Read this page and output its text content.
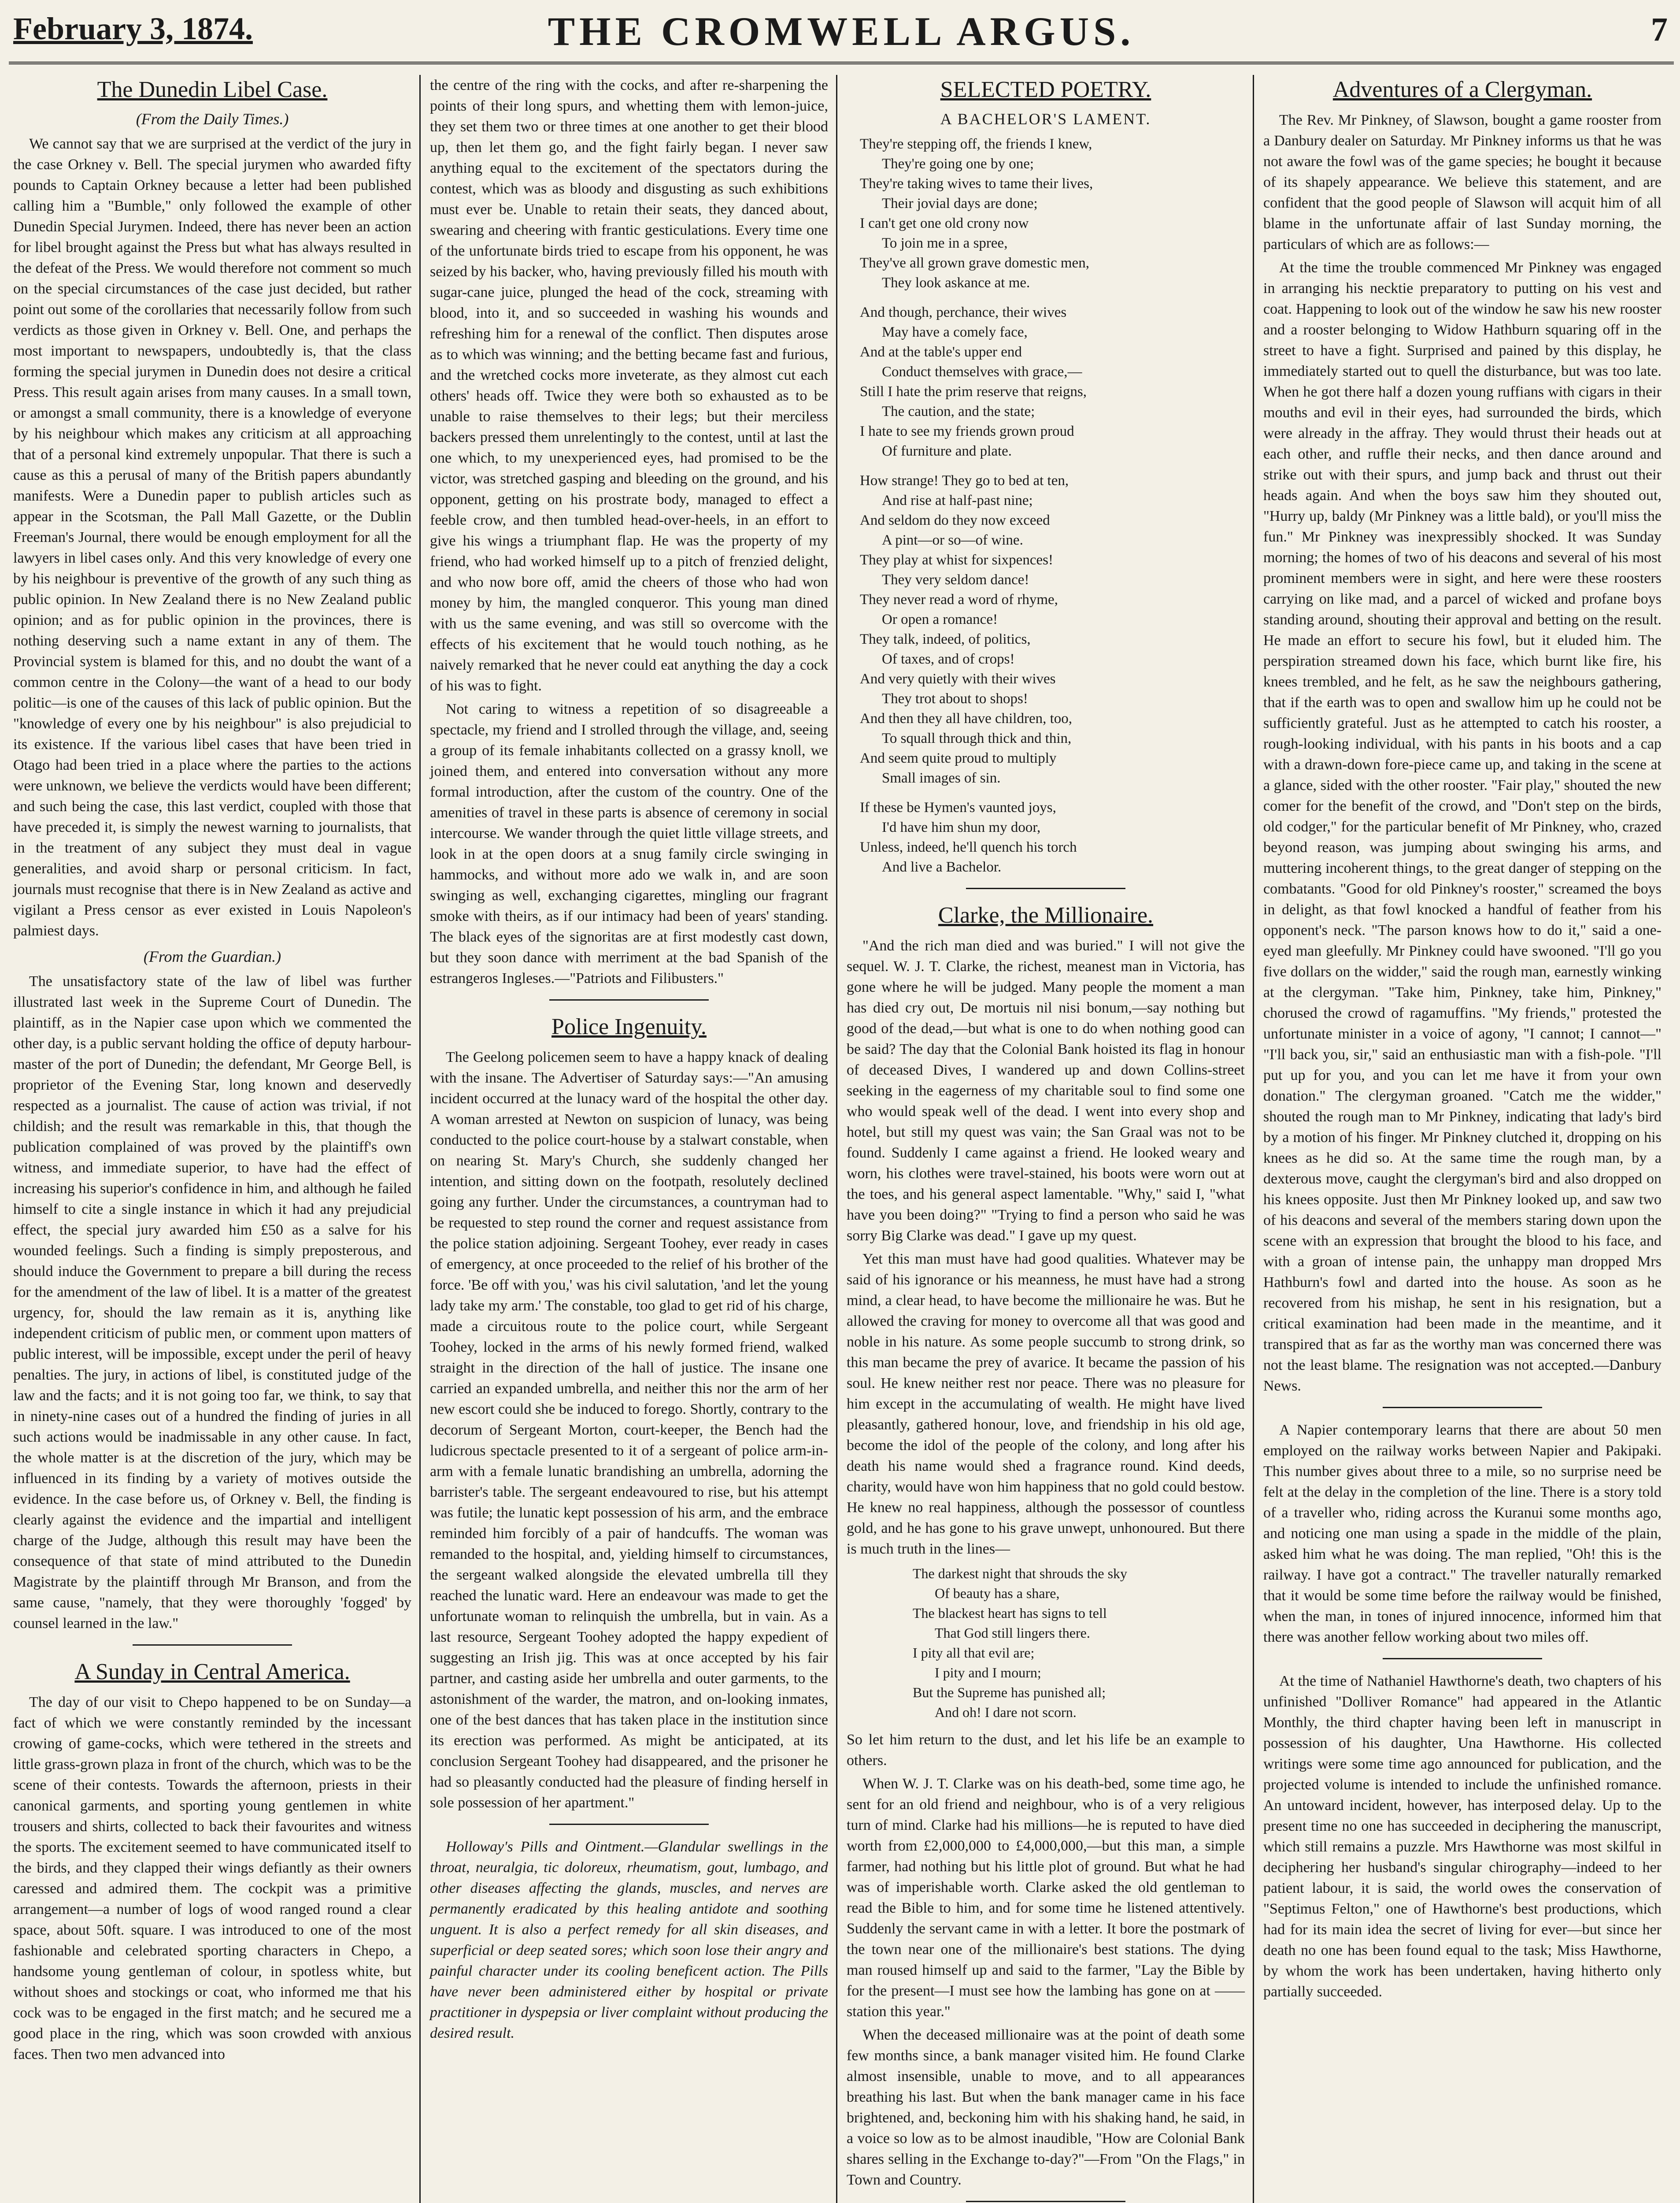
February 3, 1874.	THE CROMWELL ARGUS.	7
The Dunedin Libel Case.
(From the Daily Times.)

We cannot say that we are surprised at the verdict of the jury in the case Orkney v. Bell. The special jurymen who awarded fifty pounds to Captain Orkney because a letter had been published calling him a "Bumble," only followed the example of other Dunedin Special Jurymen. Indeed, there has never been an action for libel brought against the Press but what has always resulted in the defeat of the Press. We would therefore not comment so much on the special circumstances of the case just decided, but rather point out some of the corollaries that necessarily follow from such verdicts as those given in Orkney v. Bell. One, and perhaps the most important to newspapers, undoubtedly is, that the class forming the special jurymen in Dunedin does not desire a critical Press. This result again arises from many causes. In a small town, or amongst a small community, there is a knowledge of everyone by his neighbour which makes any criticism at all approaching that of a personal kind extremely unpopular. That there is such a cause as this a perusal of many of the British papers abundantly manifests. Were a Dunedin paper to publish articles such as appear in the Scotsman, the Pall Mall Gazette, or the Dublin Freeman's Journal, there would be enough employment for all the lawyers in libel cases only. And this very knowledge of every one by his neighbour is preventive of the growth of any such thing as public opinion. In New Zealand there is no New Zealand public opinion; and as for public opinion in the provinces, there is nothing deserving such a name extant in any of them. The Provincial system is blamed for this, and no doubt the want of a common centre in the Colony—the want of a head to our body politic—is one of the causes of this lack of public opinion. But the "knowledge of every one by his neighbour" is also prejudicial to its existence. If the various libel cases that have been tried in Otago had been tried in a place where the parties to the actions were unknown, we believe the verdicts would have been different; and such being the case, this last verdict, coupled with those that have preceded it, is simply the newest warning to journalists, that in the treatment of any subject they must deal in vague generalities, and avoid sharp or personal criticism. In fact, journals must recognise that there is in New Zealand as active and vigilant a Press censor as ever existed in Louis Napoleon's palmiest days.

(From the Guardian.)

The unsatisfactory state of the law of libel was further illustrated last week in the Supreme Court of Dunedin. The plaintiff, as in the Napier case upon which we commented the other day, is a public servant holding the office of deputy harbour-master of the port of Dunedin; the defendant, Mr George Bell, is proprietor of the Evening Star, long known and deservedly respected as a journalist. The cause of action was trivial, if not childish; and the result was remarkable in this, that though the publication complained of was proved by the plaintiff's own witness, and immediate superior, to have had the effect of increasing his superior's confidence in him, and although he failed himself to cite a single instance in which it had any prejudicial effect, the special jury awarded him £50 as a salve for his wounded feelings. Such a finding is simply preposterous, and should induce the Government to prepare a bill during the recess for the amendment of the law of libel. It is a matter of the greatest urgency, for, should the law remain as it is, anything like independent criticism of public men, or comment upon matters of public interest, will be impossible, except under the peril of heavy penalties. The jury, in actions of libel, is constituted judge of the law and the facts; and it is not going too far, we think, to say that in ninety-nine cases out of a hundred the finding of juries in all such actions would be inadmissable in any other cause. In fact, the whole matter is at the discretion of the jury, which may be influenced in its finding by a variety of motives outside the evidence. In the case before us, of Orkney v. Bell, the finding is clearly against the evidence and the impartial and intelligent charge of the Judge, although this result may have been the consequence of that state of mind attributed to the Dunedin Magistrate by the plaintiff through Mr Branson, and from the same cause, "namely, that they were thoroughly 'fogged' by counsel learned in the law."

A Sunday in Central America.

The day of our visit to Chepo happened to be on Sunday—a fact of which we were constantly reminded by the incessant crowing of game-cocks, which were tethered in the streets and little grass-grown plaza in front of the church, which was to be the scene of their contests. Towards the afternoon, priests in their canonical garments, and sporting young gentlemen in white trousers and shirts, collected to back their favourites and witness the sports. The excitement seemed to have communicated itself to the birds, and they clapped their wings defiantly as their owners caressed and admired them. The cockpit was a primitive arrangement—a number of logs of wood ranged round a clear space, about 50ft. square. I was introduced to one of the most fashionable and celebrated sporting characters in Chepo, a handsome young gentleman of colour, in spotless white, but without shoes and stockings or coat, who informed me that his cock was to be engaged in the first match; and he secured me a good place in the ring, which was soon crowded with anxious faces. Then two men advanced into

the centre of the ring with the cocks, and after re-sharpening the points of their long spurs, and whetting them with lemon-juice, they set them two or three times at one another to get their blood up, then let them go, and the fight fairly began. I never saw anything equal to the excitement of the spectators during the contest, which was as bloody and disgusting as such exhibitions must ever be. Unable to retain their seats, they danced about, swearing and cheering with frantic gesticulations. Every time one of the unfortunate birds tried to escape from his opponent, he was seized by his backer, who, having previously filled his mouth with sugar-cane juice, plunged the head of the cock, streaming with blood, into it, and so succeeded in washing his wounds and refreshing him for a renewal of the conflict. Then disputes arose as to which was winning; and the betting became fast and furious, and the wretched cocks more inveterate, as they almost cut each others' heads off. Twice they were both so exhausted as to be unable to raise themselves to their legs; but their merciless backers pressed them unrelentingly to the contest, until at last the one which, to my unexperienced eyes, had promised to be the victor, was stretched gasping and bleeding on the ground, and his opponent, getting on his prostrate body, managed to effect a feeble crow, and then tumbled head-over-heels, in an effort to give his wings a triumphant flap. He was the property of my friend, who had worked himself up to a pitch of frenzied delight, and who now bore off, amid the cheers of those who had won money by him, the mangled conqueror. This young man dined with us the same evening, and was still so overcome with the effects of his excitement that he would touch nothing, as he naively remarked that he never could eat anything the day a cock of his was to fight.

Not caring to witness a repetition of so disagreeable a spectacle, my friend and I strolled through the village, and, seeing a group of its female inhabitants collected on a grassy knoll, we joined them, and entered into conversation without any more formal introduction, after the custom of the country. One of the amenities of travel in these parts is absence of ceremony in social intercourse. We wander through the quiet little village streets, and look in at the open doors at a snug family circle swinging in hammocks, and without more ado we walk in, and are soon swinging as well, exchanging cigarettes, mingling our fragrant smoke with theirs, as if our intimacy had been of years' standing. The black eyes of the signoritas are at first modestly cast down, but they soon dance with merriment at the bad Spanish of the estrangeros Ingleses.—"Patriots and Filibusters."

Police Ingenuity.

The Geelong policemen seem to have a happy knack of dealing with the insane. The Advertiser of Saturday says:—"An amusing incident occurred at the lunacy ward of the hospital the other day. A woman arrested at Newton on suspicion of lunacy, was being conducted to the police court-house by a stalwart constable, when on nearing St. Mary's Church, she suddenly changed her intention, and sitting down on the footpath, resolutely declined going any further. Under the circumstances, a countryman had to be requested to step round the corner and request assistance from the police station adjoining. Sergeant Toohey, ever ready in cases of emergency, at once proceeded to the relief of his brother of the force. 'Be off with you,' was his civil salutation, 'and let the young lady take my arm.' The constable, too glad to get rid of his charge, made a circuitous route to the police court, while Sergeant Toohey, locked in the arms of his newly formed friend, walked straight in the direction of the hall of justice. The insane one carried an expanded umbrella, and neither this nor the arm of her new escort could she be induced to forego. Shortly, contrary to the decorum of Sergeant Morton, court-keeper, the Bench had the ludicrous spectacle presented to it of a sergeant of police arm-in-arm with a female lunatic brandishing an umbrella, adorning the barrister's table. The sergeant endeavoured to rise, but his attempt was futile; the lunatic kept possession of his arm, and the embrace reminded him forcibly of a pair of handcuffs. The woman was remanded to the hospital, and, yielding himself to circumstances, the sergeant walked alongside the elevated umbrella till they reached the lunatic ward. Here an endeavour was made to get the unfortunate woman to relinquish the umbrella, but in vain. As a last resource, Sergeant Toohey adopted the happy expedient of suggesting an Irish jig. This was at once accepted by his fair partner, and casting aside her umbrella and outer garments, to the astonishment of the warder, the matron, and on-looking inmates, one of the best dances that has taken place in the institution since its erection was performed. As might be anticipated, at its conclusion Sergeant Toohey had disappeared, and the prisoner he had so pleasantly conducted had the pleasure of finding herself in sole possession of her apartment."

Holloway's Pills and Ointment.—Glandular swellings in the throat, neuralgia, tic doloreux, rheumatism, gout, lumbago, and other diseases affecting the glands, muscles, and nerves are permanently eradicated by this healing antidote and soothing unguent. It is also a perfect remedy for all skin diseases, and superficial or deep seated sores; which soon lose their angry and painful character under its cooling beneficent action. The Pills have never been administered either by hospital or private practitioner in dyspepsia or liver complaint without producing the desired result.

SELECTED POETRY.
A BACHELOR'S LAMENT.
They're stepping off, the friends I knew,
They're going one by one;
They're taking wives to tame their lives,
Their jovial days are done;
I can't get one old crony now
To join me in a spree,
They've all grown grave domestic men,
They look askance at me.
And though, perchance, their wives
May have a comely face,
And at the table's upper end
Conduct themselves with grace,—
Still I hate the prim reserve that reigns,
The caution, and the state;
I hate to see my friends grown proud
Of furniture and plate.
How strange! They go to bed at ten,
And rise at half-past nine;
And seldom do they now exceed
A pint—or so—of wine.
They play at whist for sixpences!
They very seldom dance!
They never read a word of rhyme,
Or open a romance!
They talk, indeed, of politics,
Of taxes, and of crops!
And very quietly with their wives
They trot about to shops!
And then they all have children, too,
To squall through thick and thin,
And seem quite proud to multiply
Small images of sin.
If these be Hymen's vaunted joys,
I'd have him shun my door,
Unless, indeed, he'll quench his torch
And live a Bachelor.
Clarke, the Millionaire.

"And the rich man died and was buried." I will not give the sequel. W. J. T. Clarke, the richest, meanest man in Victoria, has gone where he will be judged. Many people the moment a man has died cry out, De mortuis nil nisi bonum,—say nothing but good of the dead,—but what is one to do when nothing good can be said? The day that the Colonial Bank hoisted its flag in honour of deceased Dives, I wandered up and down Collins-street seeking in the eagerness of my charitable soul to find some one who would speak well of the dead. I went into every shop and hotel, but still my quest was vain; the San Graal was not to be found. Suddenly I came against a friend. He looked weary and worn, his clothes were travel-stained, his boots were worn out at the toes, and his general aspect lamentable. "Why," said I, "what have you been doing?" "Trying to find a person who said he was sorry Big Clarke was dead." I gave up my quest.

Yet this man must have had good qualities. Whatever may be said of his ignorance or his meanness, he must have had a strong mind, a clear head, to have become the millionaire he was. But he allowed the craving for money to overcome all that was good and noble in his nature. As some people succumb to strong drink, so this man became the prey of avarice. It became the passion of his soul. He knew neither rest nor peace. There was no pleasure for him except in the accumulating of wealth. He might have lived pleasantly, gathered honour, love, and friendship in his old age, become the idol of the people of the colony, and long after his death his name would shed a fragrance round. Kind deeds, charity, would have won him happiness that no gold could bestow. He knew no real happiness, although the possessor of countless gold, and he has gone to his grave unwept, unhonoured. But there is much truth in the lines—

The darkest night that shrouds the sky
Of beauty has a share,
The blackest heart has signs to tell
That God still lingers there.
I pity all that evil are;
I pity and I mourn;
But the Supreme has punished all;
And oh! I dare not scorn.

So let him return to the dust, and let his life be an example to others.

When W. J. T. Clarke was on his death-bed, some time ago, he sent for an old friend and neighbour, who is of a very religious turn of mind. Clarke had his millions—he is reputed to have died worth from £2,000,000 to £4,000,000,—but this man, a simple farmer, had nothing but his little plot of ground. But what he had was of imperishable worth. Clarke asked the old gentleman to read the Bible to him, and for some time he listened attentively. Suddenly the servant came in with a letter. It bore the postmark of the town near one of the millionaire's best stations. The dying man roused himself up and said to the farmer, "Lay the Bible by for the present—I must see how the lambing has gone on at —— station this year."

When the deceased millionaire was at the point of death some few months since, a bank manager visited him. He found Clarke almost insensible, unable to move, and to all appearances breathing his last. But when the bank manager came in his face brightened, and, beckoning him with his shaking hand, he said, in a voice so low as to be almost inaudible, "How are Colonial Bank shares selling in the Exchange to-day?"—From "On the Flags," in Town and Country.

Adventures of a Clergyman.

The Rev. Mr Pinkney, of Slawson, bought a game rooster from a Danbury dealer on Saturday. Mr Pinkney informs us that he was not aware the fowl was of the game species; he bought it because of its shapely appearance. We believe this statement, and are confident that the good people of Slawson will acquit him of all blame in the unfortunate affair of last Sunday morning, the particulars of which are as follows:—

At the time the trouble commenced Mr Pinkney was engaged in arranging his necktie preparatory to putting on his vest and coat. Happening to look out of the window he saw his new rooster and a rooster belonging to Widow Hathburn squaring off in the street to have a fight. Surprised and pained by this display, he immediately started out to quell the disturbance, but was too late. When he got there half a dozen young ruffians with cigars in their mouths and evil in their eyes, had surrounded the birds, which were already in the affray. They would thrust their heads out at each other, and ruffle their necks, and then dance around and strike out with their spurs, and jump back and thrust out their heads again. And when the boys saw him they shouted out, "Hurry up, baldy (Mr Pinkney was a little bald), or you'll miss the fun." Mr Pinkney was inexpressibly shocked. It was Sunday morning; the homes of two of his deacons and several of his most prominent members were in sight, and here were these roosters carrying on like mad, and a parcel of wicked and profane boys standing around, shouting their approval and betting on the result. He made an effort to secure his fowl, but it eluded him. The perspiration streamed down his face, which burnt like fire, his knees trembled, and he felt, as he saw the neighbours gathering, that if the earth was to open and swallow him up he could not be sufficiently grateful. Just as he attempted to catch his rooster, a rough-looking individual, with his pants in his boots and a cap with a drawn-down fore-piece came up, and taking in the scene at a glance, sided with the other rooster. "Fair play," shouted the new comer for the benefit of the crowd, and "Don't step on the birds, old codger," for the particular benefit of Mr Pinkney, who, crazed beyond reason, was jumping about swinging his arms, and muttering incoherent things, to the great danger of stepping on the combatants. "Good for old Pinkney's rooster," screamed the boys in delight, as that fowl knocked a handful of feather from his opponent's neck. "The parson knows how to do it," said a one-eyed man gleefully. Mr Pinkney could have swooned. "I'll go you five dollars on the widder," said the rough man, earnestly winking at the clergyman. "Take him, Pinkney, take him, Pinkney," chorused the crowd of ragamuffins. "My friends," protested the unfortunate minister in a voice of agony, "I cannot; I cannot—" "I'll back you, sir," said an enthusiastic man with a fish-pole. "I'll put up for you, and you can let me have it from your own donation." The clergyman groaned. "Catch me the widder," shouted the rough man to Mr Pinkney, indicating that lady's bird by a motion of his finger. Mr Pinkney clutched it, dropping on his knees as he did so. At the same time the rough man, by a dexterous move, caught the clergyman's bird and also dropped on his knees opposite. Just then Mr Pinkney looked up, and saw two of his deacons and several of the members staring down upon the scene with an expression that brought the blood to his face, and with a groan of intense pain, the unhappy man dropped Mrs Hathburn's fowl and darted into the house. As soon as he recovered from his mishap, he sent in his resignation, but a critical examination had been made in the meantime, and it transpired that as far as the worthy man was concerned there was not the least blame. The resignation was not accepted.—Danbury News.

A Napier contemporary learns that there are about 50 men employed on the railway works between Napier and Pakipaki. This number gives about three to a mile, so no surprise need be felt at the delay in the completion of the line. There is a story told of a traveller who, riding across the Kuranui some months ago, and noticing one man using a spade in the middle of the plain, asked him what he was doing. The man replied, "Oh! this is the railway. I have got a contract." The traveller naturally remarked that it would be some time before the railway would be finished, when the man, in tones of injured innocence, informed him that there was another fellow working about two miles off.

At the time of Nathaniel Hawthorne's death, two chapters of his unfinished "Dolliver Romance" had appeared in the Atlantic Monthly, the third chapter having been left in manuscript in possession of his daughter, Una Hawthorne. His collected writings were some time ago announced for publication, and the projected volume is intended to include the unfinished romance. An untoward incident, however, has interposed delay. Up to the present time no one has succeeded in deciphering the manuscript, which still remains a puzzle. Mrs Hawthorne was most skilful in deciphering her husband's singular chirography—indeed to her patient labour, it is said, the world owes the conservation of "Septimus Felton," one of Hawthorne's best productions, which had for its main idea the secret of living for ever—but since her death no one has been found equal to the task; Miss Hawthorne, by whom the work has been undertaken, having hitherto only partially succeeded.
